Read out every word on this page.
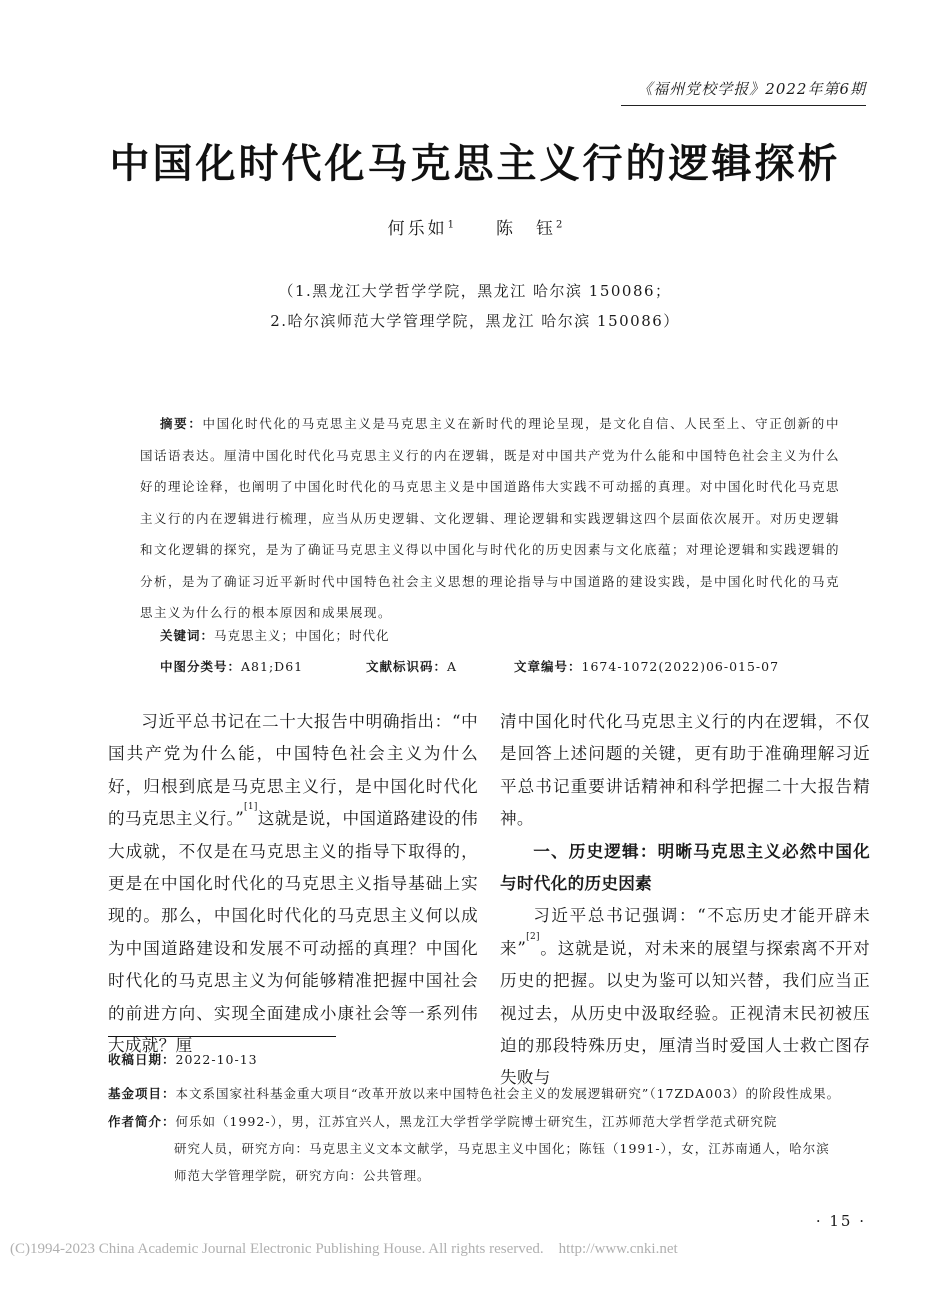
《福州党校学报》2022年第6期
中国化时代化马克思主义行的逻辑探析
何乐如$^1$ 陈　钰$^2$
（1.黑龙江大学哲学学院，黑龙江 哈尔滨 150086；
2.哈尔滨师范大学管理学院，黑龙江 哈尔滨 150086）
摘要：中国化时代化的马克思主义是马克思主义在新时代的理论呈现，是文化自信、人民至上、守正创新的中国话语表达。厘清中国化时代化马克思主义行的内在逻辑，既是对中国共产党为什么能和中国特色社会主义为什么好的理论诠释，也阐明了中国化时代化的马克思主义是中国道路伟大实践不可动摇的真理。对中国化时代化马克思主义行的内在逻辑进行梳理，应当从历史逻辑、文化逻辑、理论逻辑和实践逻辑这四个层面依次展开。对历史逻辑和文化逻辑的探究，是为了确证马克思主义得以中国化与时代化的历史因素与文化底蕴；对理论逻辑和实践逻辑的分析，是为了确证习近平新时代中国特色社会主义思想的理论指导与中国道路的建设实践，是中国化时代化的马克思主义为什么行的根本原因和成果展现。
关键词：马克思主义；中国化；时代化
中图分类号：A81;D61	文献标识码：A	文章编号：1674-1072(2022)06-015-07

习近平总书记在二十大报告中明确指出：“中国共产党为什么能，中国特色社会主义为什么好，归根到底是马克思主义行，是中国化时代化的马克思主义行。”[1]这就是说，中国道路建设的伟大成就，不仅是在马克思主义的指导下取得的，更是在中国化时代化的马克思主义指导基础上实现的。那么，中国化时代化的马克思主义何以成为中国道路建设和发展不可动摇的真理？中国化时代化的马克思主义为何能够精准把握中国社会的前进方向、实现全面建成小康社会等一系列伟大成就？厘

清中国化时代化马克思主义行的内在逻辑，不仅是回答上述问题的关键，更有助于准确理解习近平总书记重要讲话精神和科学把握二十大报告精神。

一、历史逻辑：明晰马克思主义必然中国化与时代化的历史因素

习近平总书记强调：“不忘历史才能开辟未来”[2]。这就是说，对未来的展望与探索离不开对历史的把握。以史为鉴可以知兴替，我们应当正视过去，从历史中汲取经验。正视清末民初被压迫的那段特殊历史，厘清当时爱国人士救亡图存失败与

收稿日期：2022-10-13
基金项目：本文系国家社科基金重大项目“改革开放以来中国特色社会主义的发展逻辑研究”（17ZDA003）的阶段性成果。
作者简介：何乐如（1992-），男，江苏宜兴人，黑龙江大学哲学学院博士研究生，江苏师范大学哲学范式研究院
研究人员，研究方向：马克思主义文本文献学，马克思主义中国化；陈钰（1991-），女，江苏南通人，哈尔滨
师范大学管理学院，研究方向：公共管理。
· 15 ·
(C)1994-2023 China Academic Journal Electronic Publishing House. All rights reserved. http://www.cnki.net
